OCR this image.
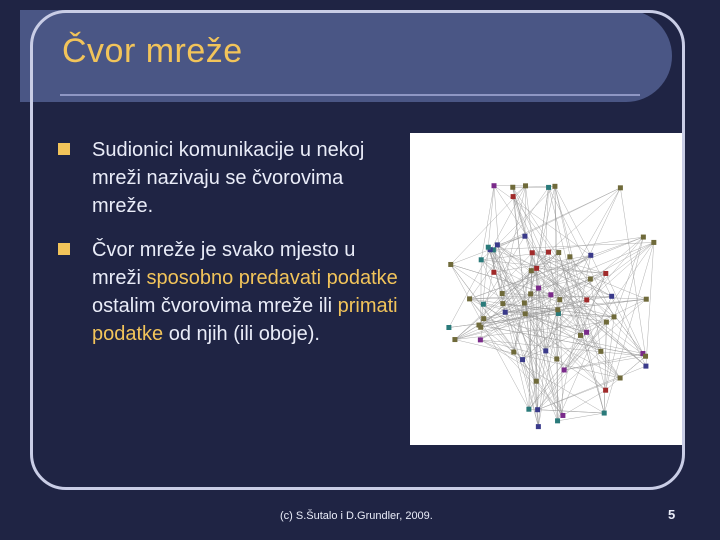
Čvor mreže
Sudionici komunikacije u nekoj mreži nazivaju se čvorovima mreže.
Čvor mreže je svako mjesto u mreži sposobno predavati podatke ostalim čvorovima mreže ili primati podatke od njih (ili oboje).
(c) S.Šutalo i D.Grundler, 2009.	5
